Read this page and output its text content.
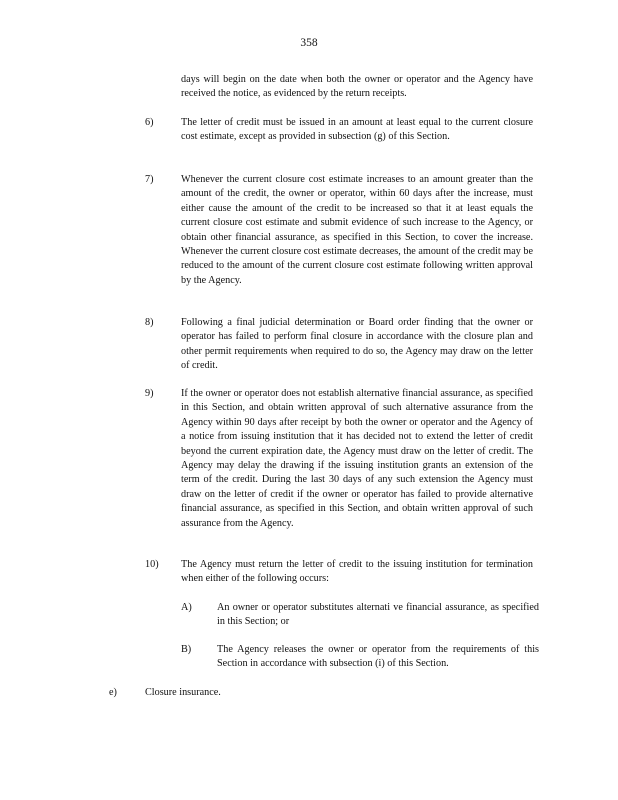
358
days will begin on the date when both the owner or operator and the Agency have received the notice, as evidenced by the return receipts.
6)	The letter of credit must be issued in an amount at least equal to the current closure cost estimate, except as provided in subsection (g) of this Section.
7)	Whenever the current closure cost estimate increases to an amount greater than the amount of the credit, the owner or operator, within 60 days after the increase, must either cause the amount of the credit to be increased so that it at least equals the current closure cost estimate and submit evidence of such increase to the Agency, or obtain other financial assurance, as specified in this Section, to cover the increase. Whenever the current closure cost estimate decreases, the amount of the credit may be reduced to the amount of the current closure cost estimate following written approval by the Agency.
8)	Following a final judicial determination or Board order finding that the owner or operator has failed to perform final closure in accordance with the closure plan and other permit requirements when required to do so, the Agency may draw on the letter of credit.
9)	If the owner or operator does not establish alternative financial assurance, as specified in this Section, and obtain written approval of such alternative assurance from the Agency within 90 days after receipt by both the owner or operator and the Agency of a notice from issuing institution that it has decided not to extend the letter of credit beyond the current expiration date, the Agency must draw on the letter of credit. The Agency may delay the drawing if the issuing institution grants an extension of the term of the credit. During the last 30 days of any such extension the Agency must draw on the letter of credit if the owner or operator has failed to provide alternative financial assurance, as specified in this Section, and obtain written approval of such assurance from the Agency.
10) The Agency must return the letter of credit to the issuing institution for termination when either of the following occurs:
A) An owner or operator substitutes alternati ve financial assurance, as specified in this Section; or
B)	The Agency releases the owner or operator from the requirements of this Section in accordance with subsection (i) of this Section.
e)	Closure insurance.
